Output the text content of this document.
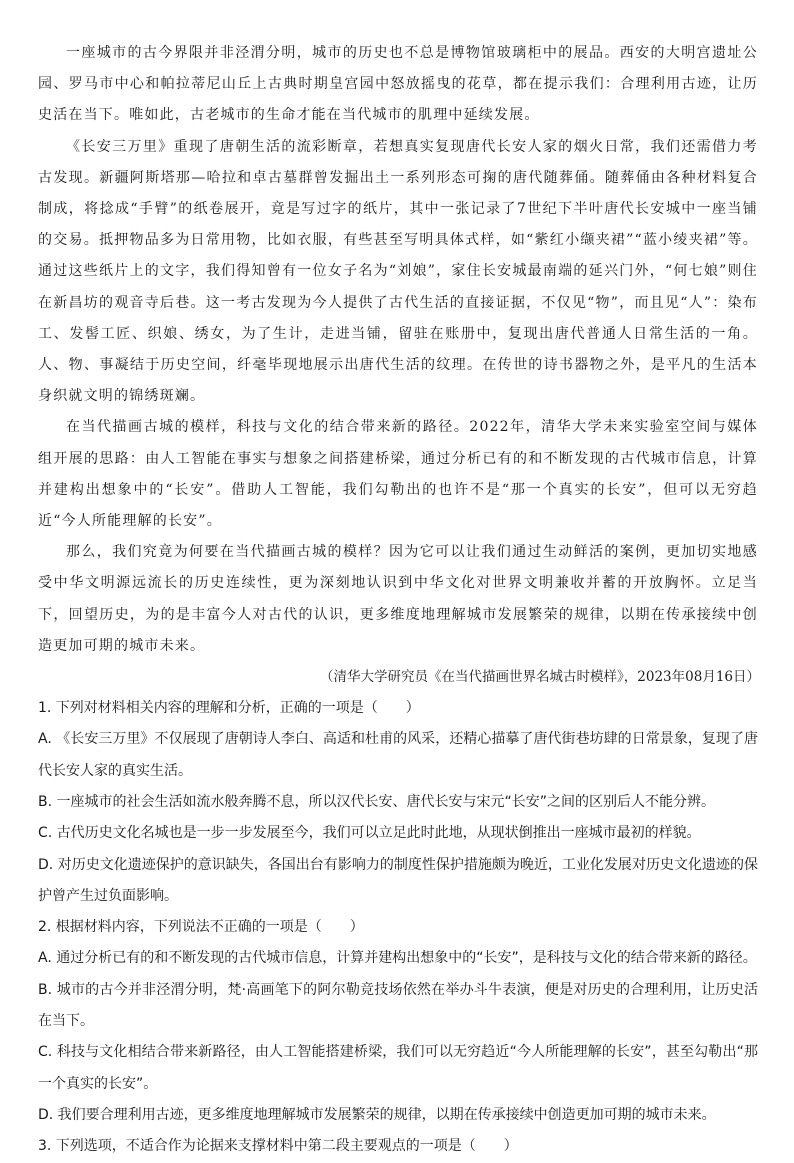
一座城市的古今界限并非泾渭分明，城市的历史也不总是博物馆玻璃柜中的展品。西安的大明宫遗址公园、罗马市中心和帕拉蒂尼山丘上古典时期皇宫园中怒放摇曳的花草，都在提示我们：合理利用古迹，让历史活在当下。唯如此，古老城市的生命才能在当代城市的肌理中延续发展。

《长安三万里》重现了唐朝生活的流彩断章，若想真实复现唐代长安人家的烟火日常，我们还需借力考古发现。新疆阿斯塔那—哈拉和卓古墓群曾发掘出土一系列形态可掬的唐代随葬俑。随葬俑由各种材料复合制成，将捻成“手臂”的纸卷展开，竟是写过字的纸片，其中一张记录了7世纪下半叶唐代长安城中一座当铺的交易。抵押物品多为日常用物，比如衣服，有些甚至写明具体式样，如“紫红小缬夹裙”“蓝小绫夹裙”等。通过这些纸片上的文字，我们得知曾有一位女子名为“刘娘”，家住长安城最南端的延兴门外，“何七娘”则住在新昌坊的观音寺后巷。这一考古发现为今人提供了古代生活的直接证据，不仅见“物”，而且见“人”：染布工、发髻工匠、织娘、绣女，为了生计，走进当铺，留驻在账册中，复现出唐代普通人日常生活的一角。人、物、事凝结于历史空间，纤毫毕现地展示出唐代生活的纹理。在传世的诗书器物之外，是平凡的生活本身织就文明的锦绣斑斓。

在当代描画古城的模样，科技与文化的结合带来新的路径。2022年，清华大学未来实验室空间与媒体组开展的思路：由人工智能在事实与想象之间搭建桥梁，通过分析已有的和不断发现的古代城市信息，计算并建构出想象中的“长安”。借助人工智能，我们勾勒出的也许不是“那一个真实的长安”，但可以无穷趋近“今人所能理解的长安”。

那么，我们究竟为何要在当代描画古城的模样？因为它可以让我们通过生动鲜活的案例，更加切实地感受中华文明源远流长的历史连续性，更为深刻地认识到中华文化对世界文明兼收并蓄的开放胸怀。立足当下，回望历史，为的是丰富今人对古代的认识，更多维度地理解城市发展繁荣的规律，以期在传承接续中创造更加可期的城市未来。

（清华大学研究员《在当代描画世界名城古时模样》，2023年08月16日）

1. 下列对材料相关内容的理解和分析，正确的一项是（　　）

A. 《长安三万里》不仅展现了唐朝诗人李白、高适和杜甫的风采，还精心描摹了唐代街巷坊肆的日常景象，复现了唐代长安人家的真实生活。

B. 一座城市的社会生活如流水般奔腾不息，所以汉代长安、唐代长安与宋元“长安”之间的区别后人不能分辨。

C. 古代历史文化名城也是一步一步发展至今，我们可以立足此时此地，从现状倒推出一座城市最初的样貌。

D. 对历史文化遗迹保护的意识缺失，各国出台有影响力的制度性保护措施颇为晚近，工业化发展对历史文化遗迹的保护曾产生过负面影响。

2. 根据材料内容，下列说法不正确的一项是（　　）

A. 通过分析已有的和不断发现的古代城市信息，计算并建构出想象中的“长安”，是科技与文化的结合带来新的路径。

B. 城市的古今并非泾渭分明，梵·高画笔下的阿尔勒竞技场依然在举办斗牛表演，便是对历史的合理利用，让历史活在当下。

C. 科技与文化相结合带来新路径，由人工智能搭建桥梁，我们可以无穷趋近“今人所能理解的长安”，甚至勾勒出“那一个真实的长安”。

D. 我们要合理利用古迹，更多维度地理解城市发展繁荣的规律，以期在传承接续中创造更加可期的城市未来。

3. 下列选项，不适合作为论据来支撑材料中第二段主要观点的一项是（　　）
